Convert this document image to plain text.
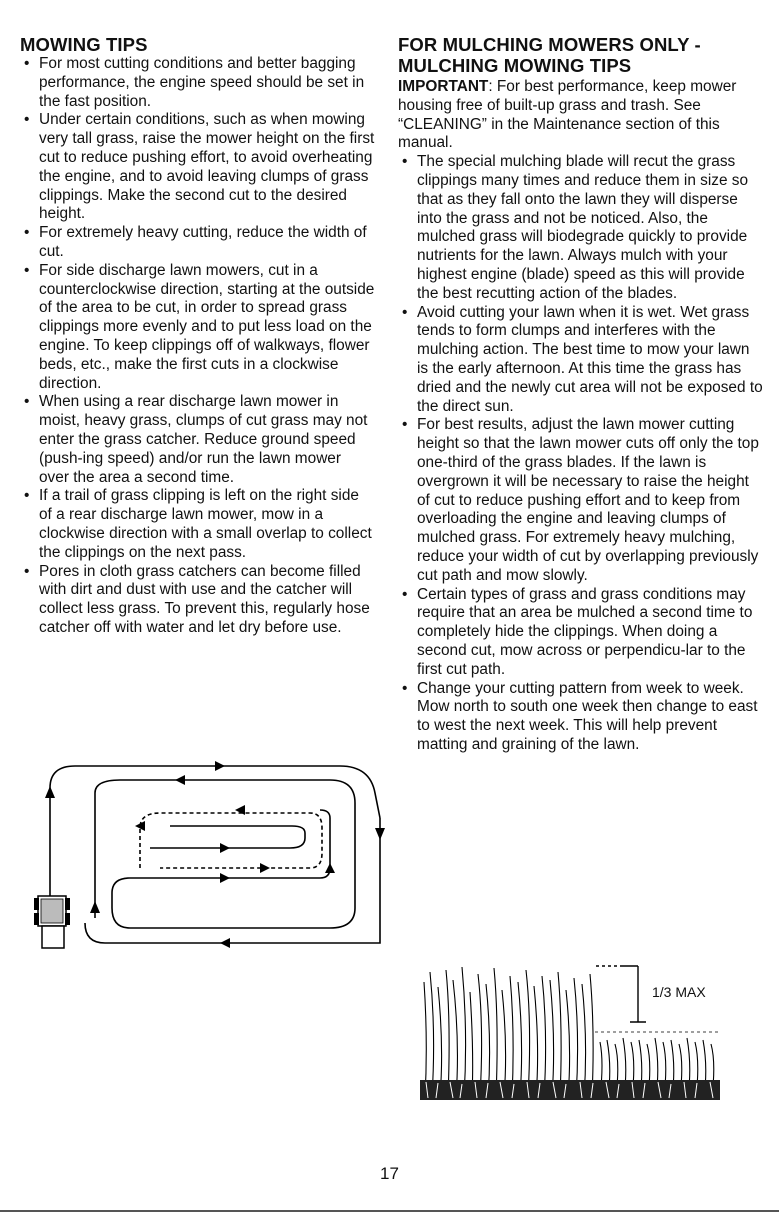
MOWING TIPS
• For most cutting conditions and better bagging performance, the engine speed should be set in the fast position.
• Under certain conditions, such as when mowing very tall grass, raise the mower height on the first cut to reduce pushing effort, to avoid overheating the engine, and to avoid leaving clumps of grass clippings. Make the second cut to the desired height.
• For extremely heavy cutting, reduce the width of cut.
• For side discharge lawn mowers, cut in a counterclockwise direction, starting at the outside of the area to be cut, in order to spread grass clippings more evenly and to put less load on the engine. To keep clippings off of walkways, flower beds, etc., make the first cuts in a clockwise direction.
• When using a rear discharge lawn mower in moist, heavy grass, clumps of cut grass may not enter the grass catcher. Reduce ground speed (push-ing speed) and/or run the lawn mower over the area a second time.
• If a trail of grass clipping is left on the right side of a rear discharge lawn mower, mow in a clockwise direction with a small overlap to collect the clippings on the next pass.
• Pores in cloth grass catchers can become filled with dirt and dust with use and the catcher will collect less grass. To prevent this, regularly hose catcher off with water and let dry before use.
FOR MULCHING MOWERS ONLY -
MULCHING MOWING TIPS

IMPORTANT: For best performance, keep mower housing free of built-up grass and trash. See “CLEANING” in the Maintenance section of this manual.

• The special mulching blade will recut the grass clippings many times and reduce them in size so that as they fall onto the lawn they will disperse into the grass and not be noticed. Also, the mulched grass will biodegrade quickly to provide nutrients for the lawn. Always mulch with your highest engine (blade) speed as this will provide the best recutting action of the blades.
• Avoid cutting your lawn when it is wet. Wet grass tends to form clumps and interferes with the mulching action. The best time to mow your lawn is the early afternoon. At this time the grass has dried and the newly cut area will not be exposed to the direct sun.
• For best results, adjust the lawn mower cutting height so that the lawn mower cuts off only the top one-third of the grass blades. If the lawn is overgrown it will be necessary to raise the height of cut to reduce pushing effort and to keep from overloading the engine and leaving clumps of mulched grass. For extremely heavy mulching, reduce your width of cut by overlapping previously cut path and mow slowly.
• Certain types of grass and grass conditions may require that an area be mulched a second time to completely hide the clippings. When doing a second cut, mow across or perpendicu-lar to the first cut path.
• Change your cutting pattern from week to week. Mow north to south one week then change to east to west the next week. This will help prevent matting and graining of the lawn.
1/3 MAX
17
